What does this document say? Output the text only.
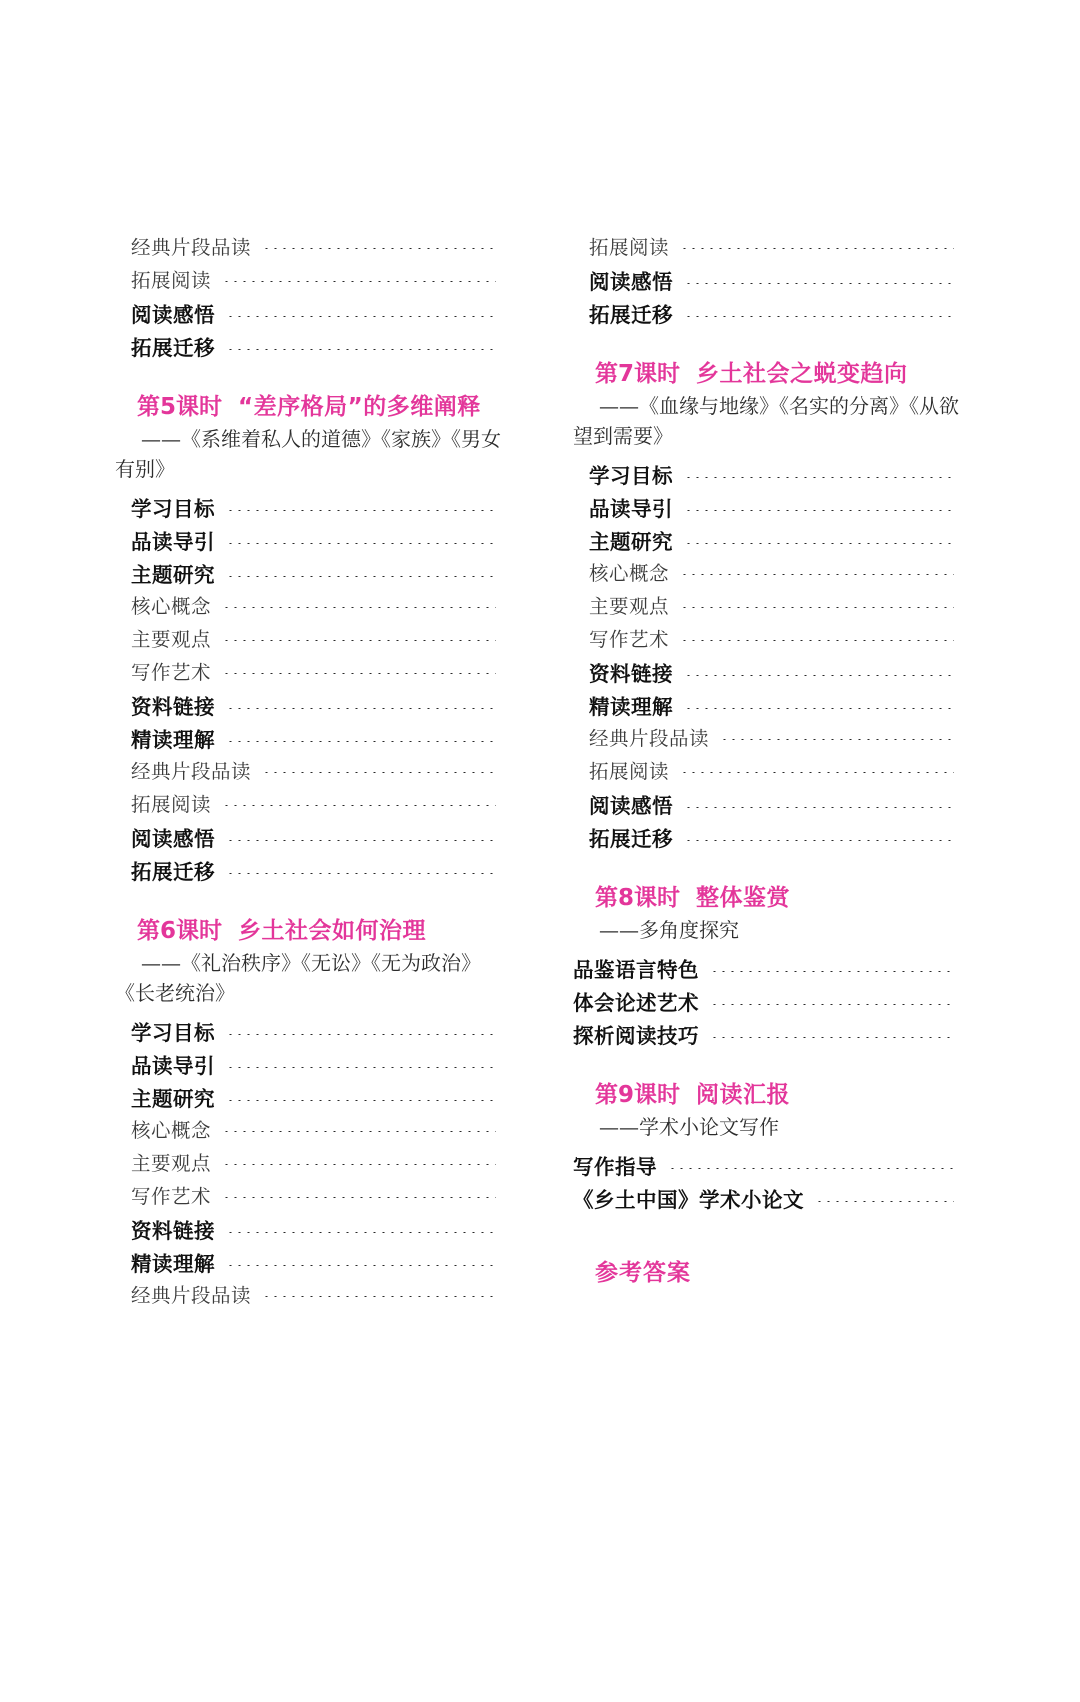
经典片段品读
拓展阅读
阅读感悟
拓展迁移
第5课时 “差序格局”的多维阐释
——《系维着私人的道德》《家族》《男女有别》
学习目标
品读导引
主题研究
核心概念
主要观点
写作艺术
资料链接
精读理解
经典片段品读
拓展阅读
阅读感悟
拓展迁移
第6课时 乡土社会如何治理
——《礼治秩序》《无讼》《无为政治》《长老统治》
学习目标
品读导引
主题研究
核心概念
主要观点
写作艺术
资料链接
精读理解
经典片段品读
拓展阅读
阅读感悟
拓展迁移
第7课时 乡土社会之蜕变趋向
——《血缘与地缘》《名实的分离》《从欲望到需要》
学习目标
品读导引
主题研究
核心概念
主要观点
写作艺术
资料链接
精读理解
经典片段品读
拓展阅读
阅读感悟
拓展迁移
第8课时 整体鉴赏
——多角度探究
品鉴语言特色
体会论述艺术
探析阅读技巧
第9课时 阅读汇报
——学术小论文写作
写作指导
《乡土中国》学术小论文
参考答案
